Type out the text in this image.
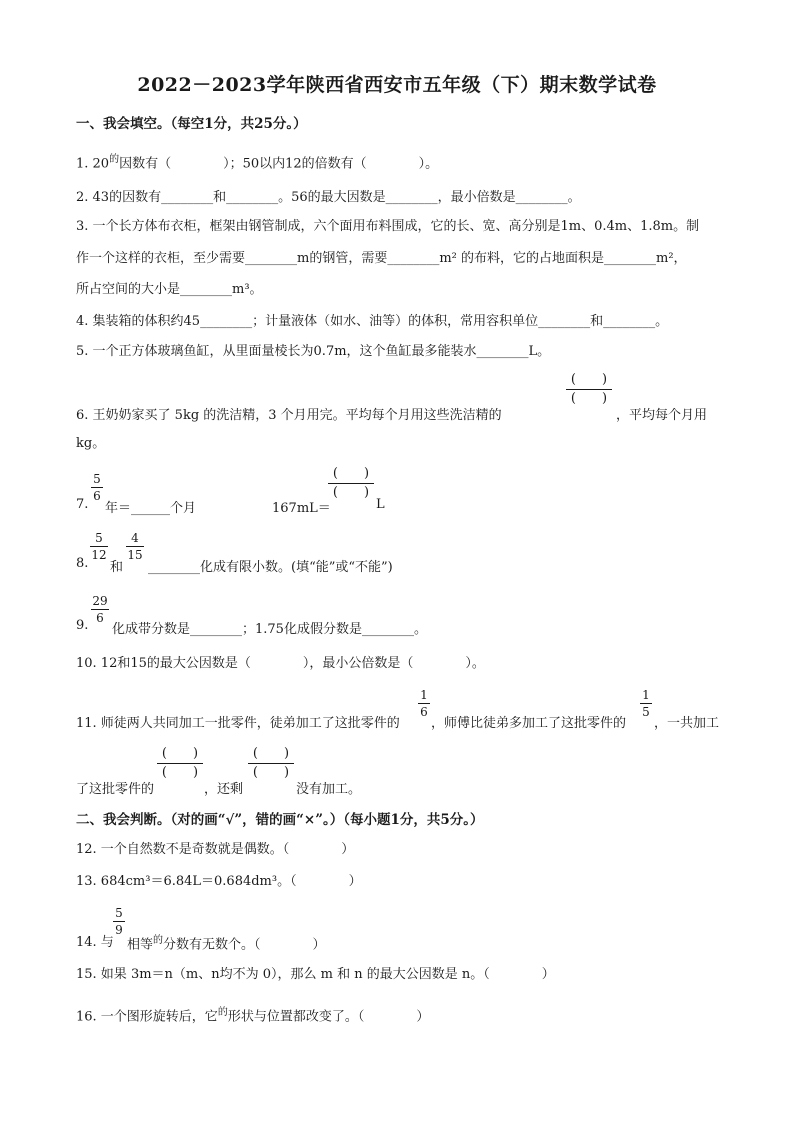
2022－2023学年陕西省西安市五年级（下）期末数学试卷
一、我会填空。（每空1分，共25分。）
1. $20^的$因数有（　　　　）；50以内12的倍数有（　　　　）。
2. 43的因数有________和________。56的最大因数是________，最小倍数是________。
3. 一个长方体布衣柜，框架由钢管制成，六个面用布料围成，它的长、宽、高分别是1m、0.4m、1.8m。制
作一个这样的衣柜，至少需要________m的钢管，需要________m² 的布料，它的占地面积是________m²，
所占空间的大小是________m³。
4. 集装箱的体积约45________；计量液体（如水、油等）的体积，常用容积单位________和________。
5. 一个正方体玻璃鱼缸，从里面量棱长为0.7m，这个鱼缸最多能装水________L。
6. 王奶奶家买了 5kg 的洗洁精，3 个月用完。平均每个月用这些洗洁精的
(　　)
(　　)
，平均每个月用
kg。
7.
5
6
年＝______个月	167mL＝
(　　)
(　　)
L
8.
5
12
和
4
15
________化成有限小数。(填“能”或“不能”)
9.
29
6
化成带分数是________；1.75化成假分数是________。
10. 12和15的最大公因数是（　　　　），最小公倍数是（　　　　）。
11. 师徒两人共同加工一批零件，徒弟加工了这批零件的
1
6
，师傅比徒弟多加工了这批零件的
1
5
，一共加工
了这批零件的
(　　)
(　　)
，还剩
(　　)
(　　)
没有加工。
二、我会判断。（对的画“√”，错的画“×”。）（每小题1分，共5分。）
12. 一个自然数不是奇数就是偶数。（　　　　）
13. 684cm³＝6.84L＝0.684dm³。（　　　　）
14. 与
5
9
相等$^的$分数有无数个。（　　　　）
15. 如果 3m＝n（m、n均不为 0），那么 m 和 n 的最大公因数是 n。（　　　　）
16. 一个图形旋转后，它$^的$形状与位置都改变了。（　　　　）
